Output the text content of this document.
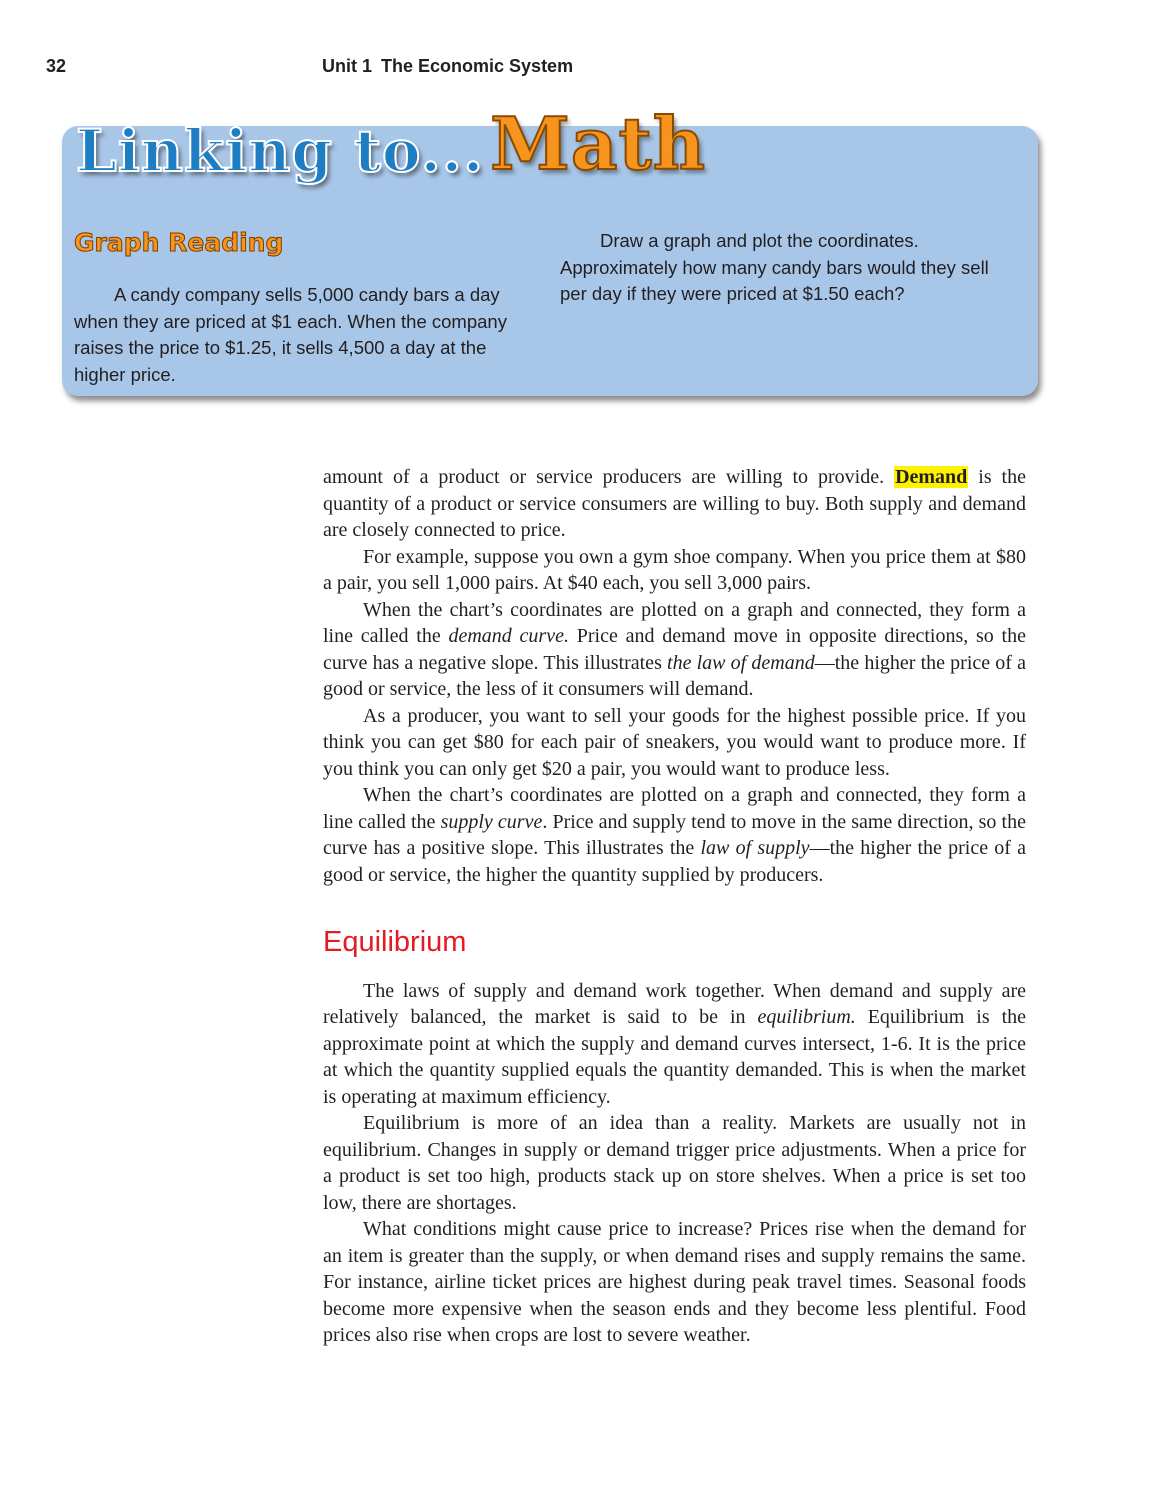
32	Unit 1 The Economic System
Linking to...Math
Graph Reading

A candy company sells 5,000 candy bars a day when they are priced at $1 each. When the company raises the price to $1.25, it sells 4,500 a day at the higher price.

Draw a graph and plot the coordinates. Approximately how many candy bars would they sell per day if they were priced at $1.50 each?

amount of a product or service producers are willing to provide. Demand is the quantity of a product or service consumers are willing to buy. Both supply and demand are closely connected to price.

For example, suppose you own a gym shoe company. When you price them at $80 a pair, you sell 1,000 pairs. At $40 each, you sell 3,000 pairs.

When the chart’s coordinates are plotted on a graph and connected, they form a line called the demand curve. Price and demand move in opposite directions, so the curve has a negative slope. This illustrates the law of demand—the higher the price of a good or service, the less of it consumers will demand.

As a producer, you want to sell your goods for the highest possible price. If you think you can get $80 for each pair of sneakers, you would want to produce more. If you think you can only get $20 a pair, you would want to produce less.

When the chart’s coordinates are plotted on a graph and connected, they form a line called the supply curve. Price and supply tend to move in the same direction, so the curve has a positive slope. This illustrates the law of supply—the higher the price of a good or service, the higher the quantity supplied by producers.

Equilibrium

The laws of supply and demand work together. When demand and supply are relatively balanced, the market is said to be in equilibrium. Equilibrium is the approximate point at which the supply and demand curves intersect, 1-6. It is the price at which the quantity supplied equals the quantity demanded. This is when the market is operating at maximum efficiency.

Equilibrium is more of an idea than a reality. Markets are usually not in equilibrium. Changes in supply or demand trigger price adjustments. When a price for a product is set too high, products stack up on store shelves. When a price is set too low, there are shortages.

What conditions might cause price to increase? Prices rise when the demand for an item is greater than the supply, or when demand rises and supply remains the same. For instance, airline ticket prices are highest during peak travel times. Seasonal foods become more expensive when the season ends and they become less plentiful. Food prices also rise when crops are lost to severe weather.
